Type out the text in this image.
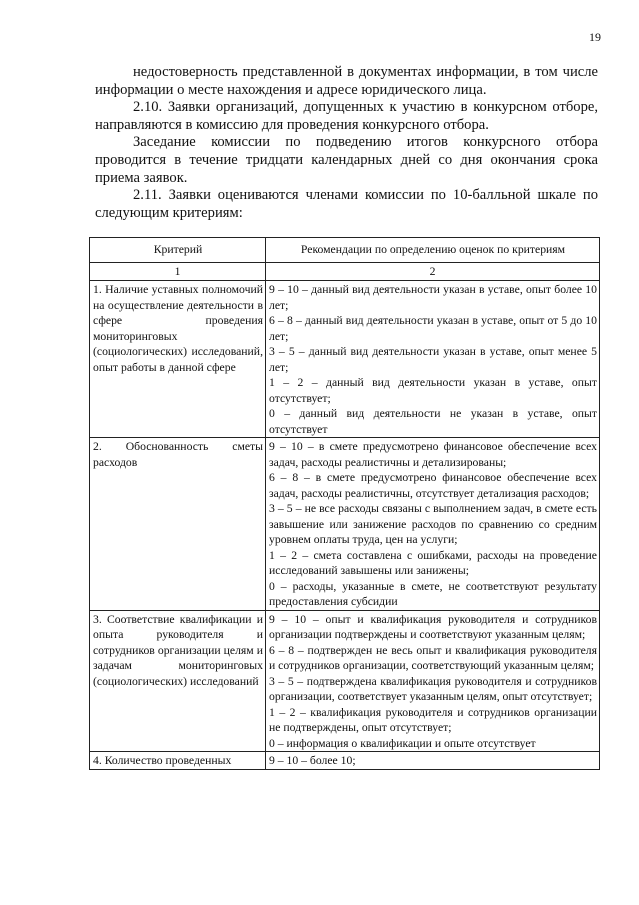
19

недостоверность представленной в документах информации, в том числе информации о месте нахождения и адресе юридического лица.

2.10. Заявки организаций, допущенных к участию в конкурсном отборе, направляются в комиссию для проведения конкурсного отбора.

Заседание комиссии по подведению итогов конкурсного отбора проводится в течение тридцати календарных дней со дня окончания срока приема заявок.

2.11. Заявки оцениваются членами комиссии по 10-балльной шкале по следующим критериям:

Критерий	Рекомендации по определению оценок по критериям
1	2
1. Наличие уставных полномочий на осуществление деятельности в сфере проведения мониторинговых (социологических) исследований, опыт работы в данной сфере	9 – 10 – данный вид деятельности указан в уставе, опыт более 10 лет;
6 – 8 – данный вид деятельности указан в уставе, опыт от 5 до 10 лет;
3 – 5 – данный вид деятельности указан в уставе, опыт менее 5 лет;
1 – 2 – данный вид деятельности указан в уставе, опыт отсутствует;
0 – данный вид деятельности не указан в уставе, опыт отсутствует

2. Обоснованность сметы расходов	9 – 10 – в смете предусмотрено финансовое обеспечение всех задач, расходы реалистичны и детализированы;
6 – 8 – в смете предусмотрено финансовое обеспечение всех задач, расходы реалистичны, отсутствует детализация расходов;
3 – 5 – не все расходы связаны с выполнением задач, в смете есть завышение или занижение расходов по сравнению со средним уровнем оплаты труда, цен на услуги;
1 – 2 – смета составлена с ошибками, расходы на проведение исследований завышены или занижены;
0 – расходы, указанные в смете, не соответствуют результату предоставления субсидии

3. Соответствие квалификации и опыта руководителя и сотрудников организации целям и задачам мониторинговых (социологических) исследований	9 – 10 – опыт и квалификация руководителя и сотрудников организации подтверждены и соответствуют указанным целям;
6 – 8 – подтвержден не весь опыт и квалификация руководителя и сотрудников организации, соответствующий указанным целям;
3 – 5 – подтверждена квалификация руководителя и сотрудников организации, соответствует указанным целям, опыт отсутствует;
1 – 2 – квалификация руководителя и сотрудников организации не подтверждены, опыт отсутствует;
0 – информация о квалификации и опыте отсутствует

4. Количество проведенных	9 – 10 – более 10;
